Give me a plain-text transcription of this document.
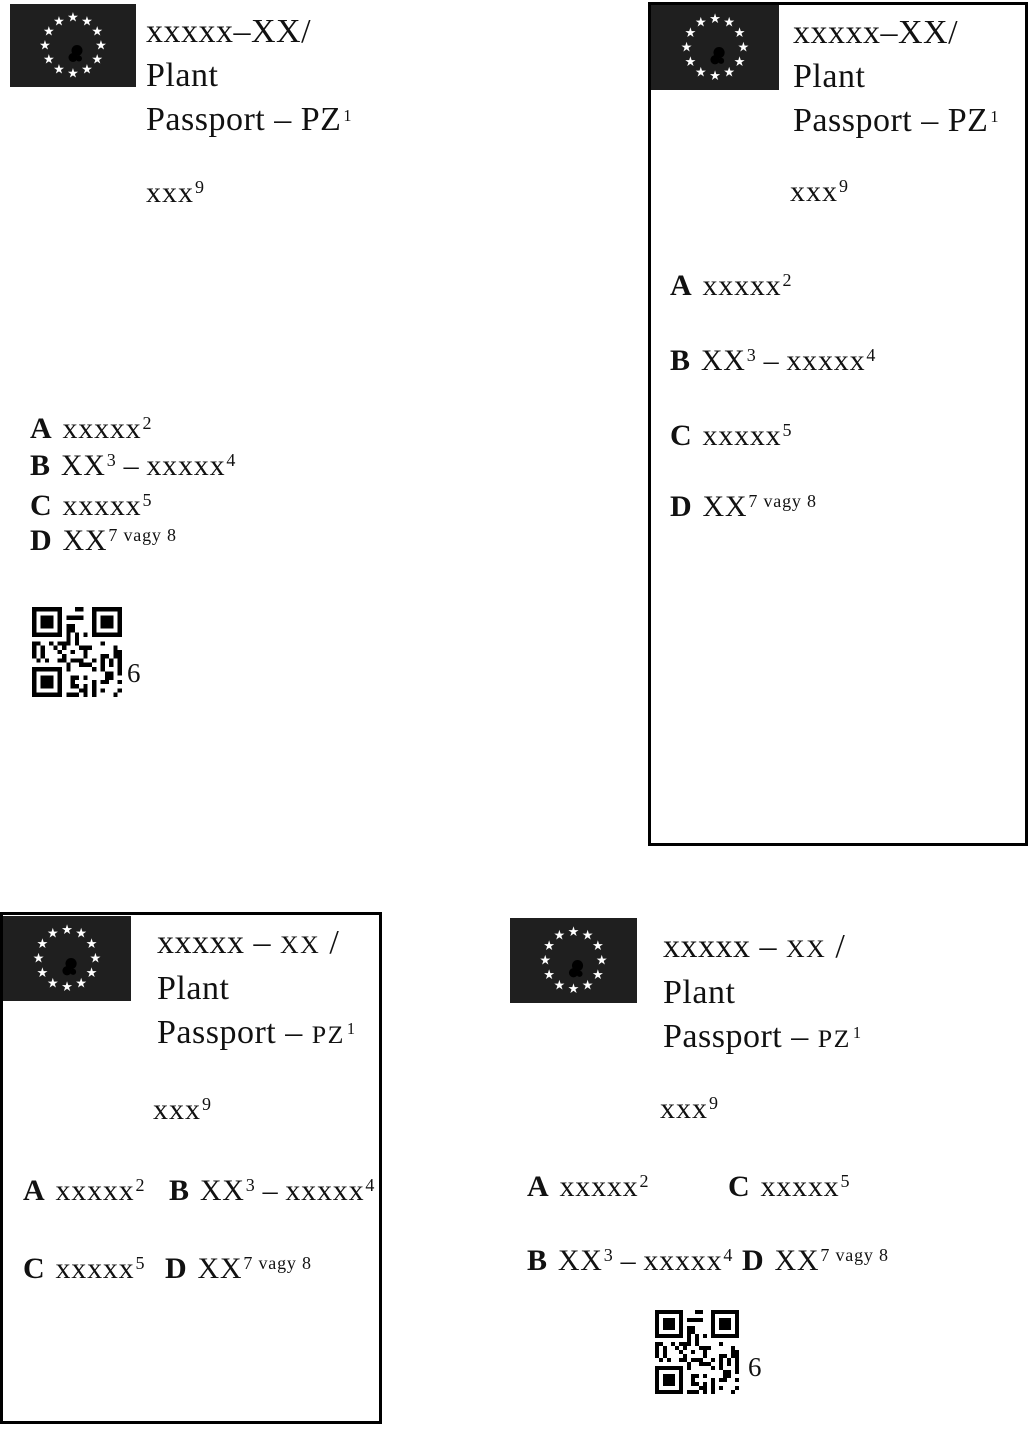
★ ★
★
★
★
★
★
★
★
★
★
★ xxxxx–XX/
Plant
Passport – PZ $^1$
xxx$^9$
A xxxxx$^2$
B $XX^3$ – xxxxx$^4$
C xxxxx$^5$
D $XX^{7 vagy 8}$
6
★ ★
★
★
★
★
★
★
★
★
★
★	xxxxx–XX/
Plant
Passport – PZ $^1$
xxx$^9$
A xxxxx$^2$
B $XX^3$ – xxxxx$^4$
C xxxxx$^5$
D $XX^{7 vagy 8}$
★ ★
★
★
★
★
★
★
★
★
★
★	xxxxx – XX /
Plant
Passport – PZ $^1$
xxx$^9$
A xxxxx$^2$ B $XX^3$ – xxxxx$^4$
C xxxxx$^5$ D $XX^{7 vagy 8}$
★ ★
★
★
★
★
★
★
★
★
★
★	xxxxx – XX /
Plant
Passport – PZ $^1$
xxx$^9$
A xxxxx$^2$	C xxxxx$^5$
B $XX^3$ – xxxxx$^4$ D $XX^{7 vagy 8}$
6
